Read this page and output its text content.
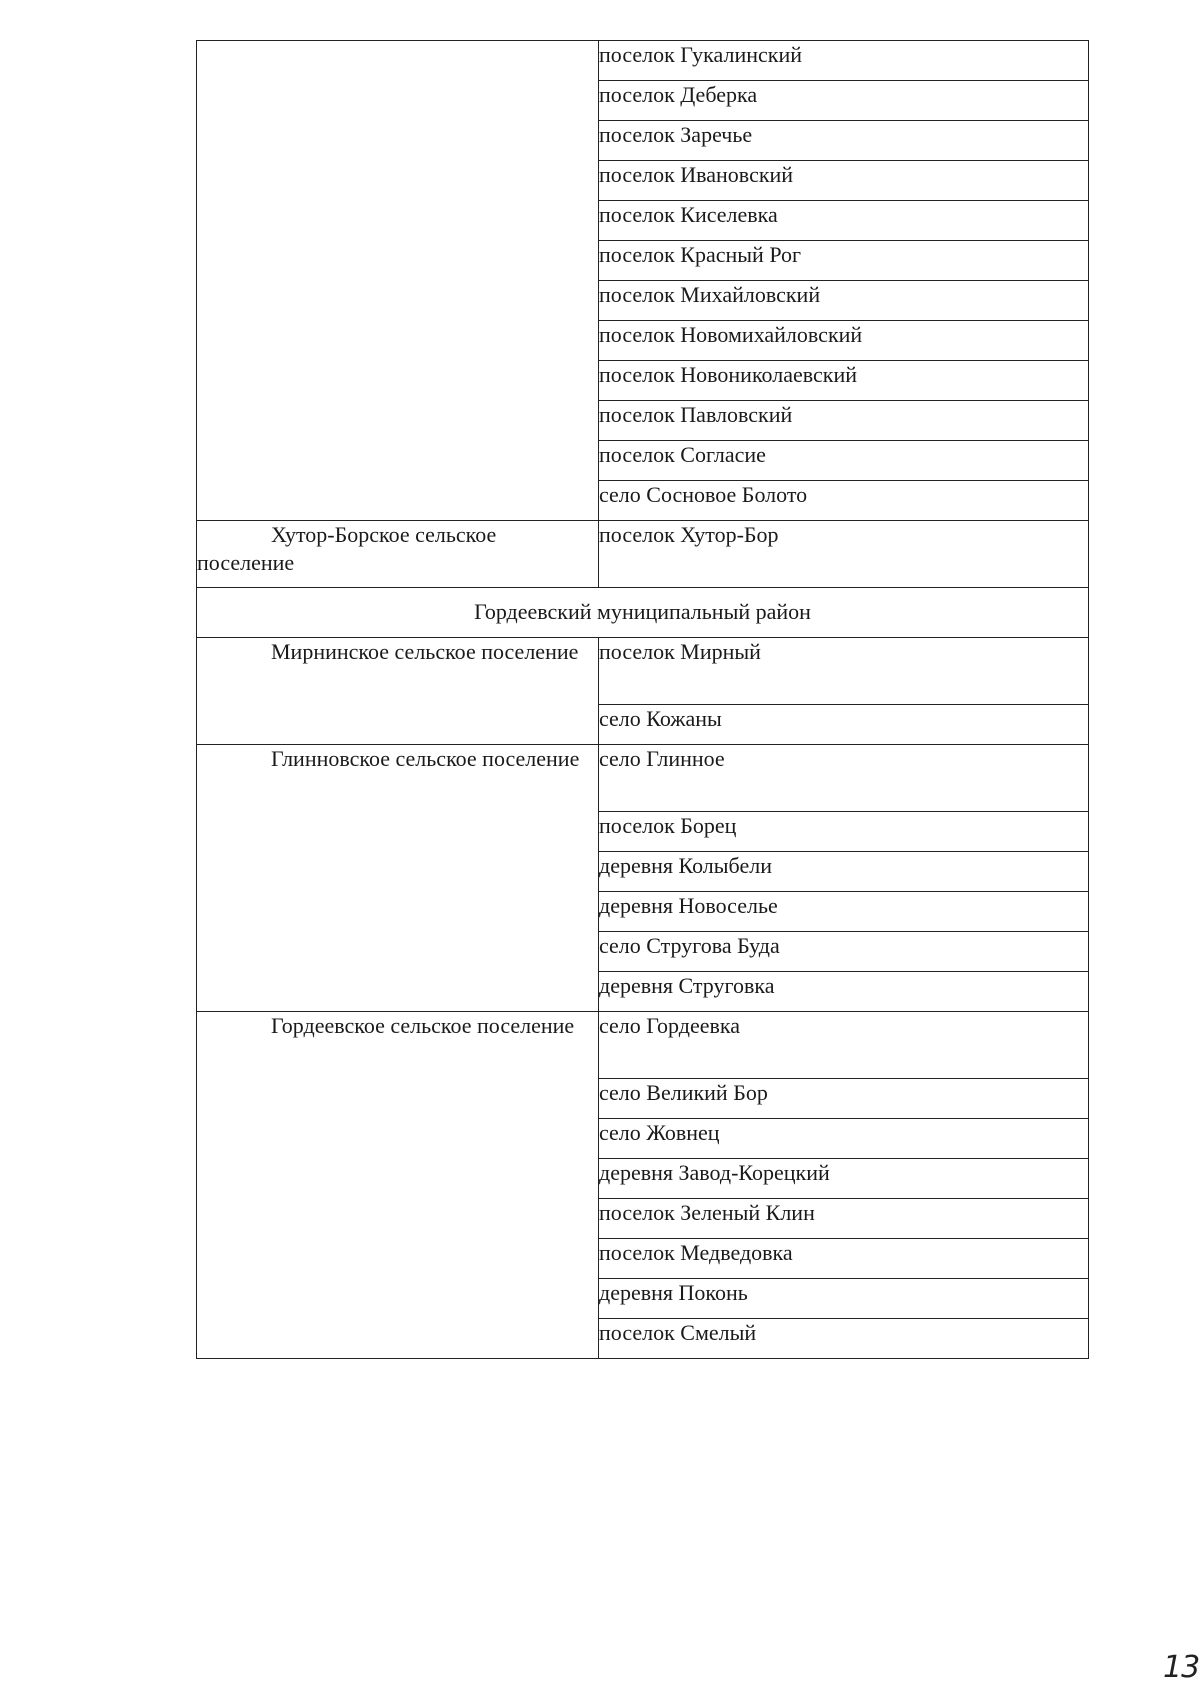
	поселок Гукалинский
	поселок Деберка
	поселок Заречье
	поселок Ивановский
	поселок Киселевка
	поселок Красный Рог
	поселок Михайловский
	поселок Новомихайловский
	поселок Новониколаевский
	поселок Павловский
	поселок Согласие
	село Сосновое Болото
Хутор-Борское сельское поселение	поселок Хутор-Бор
Гордеевский муниципальный район	
Мирнинское сельское поселение	поселок Мирный
	село Кожаны
Глинновское сельское поселение	село Глинное
	поселок Борец
	деревня Колыбели
	деревня Новоселье
	село Стругова Буда
	деревня Струговка
Гордеевское сельское поселение	село Гордеевка
	село Великий Бор
	село Жовнец
	деревня Завод-Корецкий
	поселок Зеленый Клин
	поселок Медведовка
	деревня Поконь
	поселок Смелый
13
